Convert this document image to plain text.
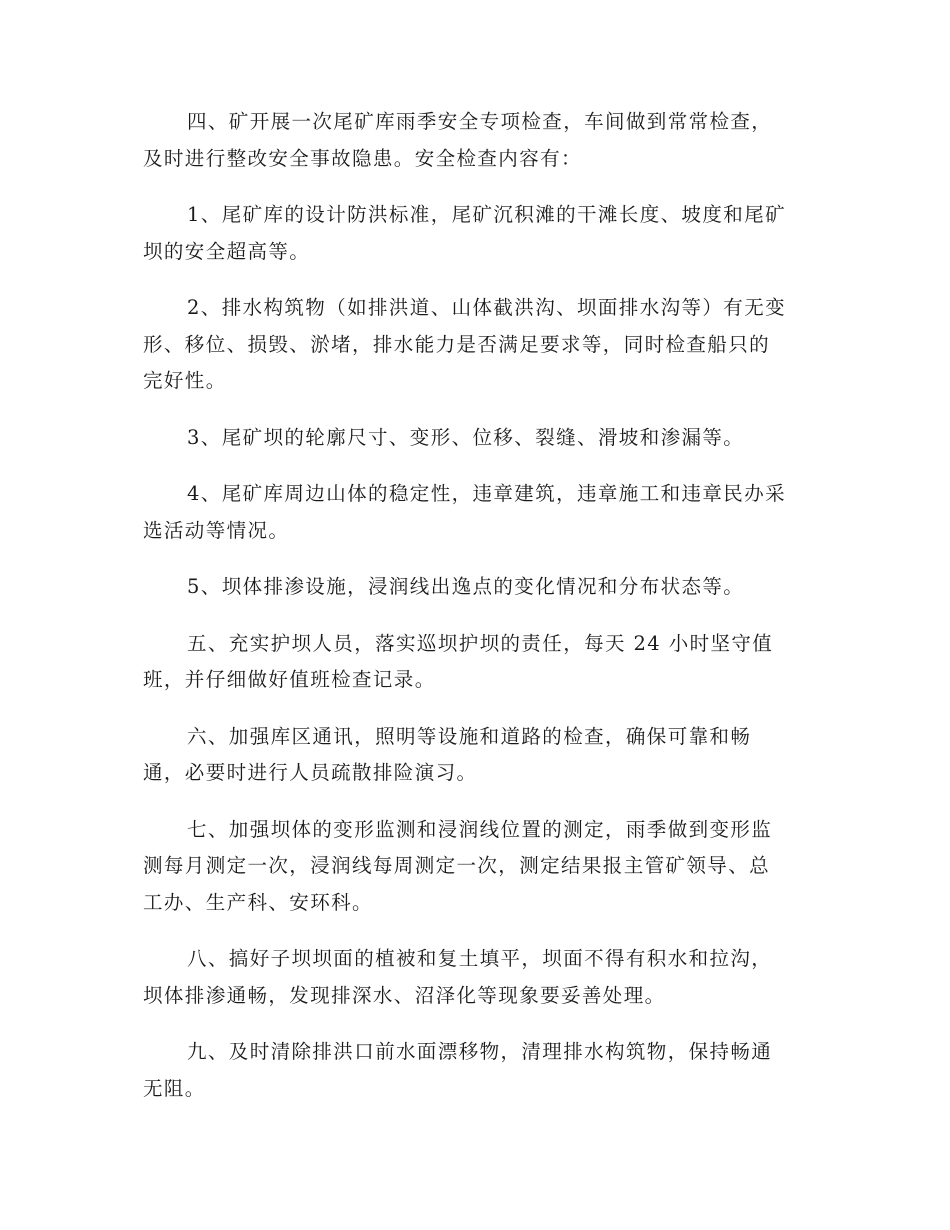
四、矿开展一次尾矿库雨季安全专项检查，车间做到常常检查，
及时进行整改安全事故隐患。安全检查内容有：

1、尾矿库的设计防洪标准，尾矿沉积滩的干滩长度、坡度和尾矿
坝的安全超高等。

2、排水构筑物（如排洪道、山体截洪沟、坝面排水沟等）有无变
形、移位、损毁、淤堵，排水能力是否满足要求等，同时检查船只的
完好性。

3、尾矿坝的轮廓尺寸、变形、位移、裂缝、滑坡和渗漏等。

4、尾矿库周边山体的稳定性，违章建筑，违章施工和违章民办采
选活动等情况。

5、坝体排渗设施，浸润线出逸点的变化情况和分布状态等。

五、充实护坝人员，落实巡坝护坝的责任，每天 24 小时坚守值
班，并仔细做好值班检查记录。

六、加强库区通讯，照明等设施和道路的检查，确保可靠和畅
通，必要时进行人员疏散排险演习。

七、加强坝体的变形监测和浸润线位置的测定，雨季做到变形监
测每月测定一次，浸润线每周测定一次，测定结果报主管矿领导、总
工办、生产科、安环科。

八、搞好子坝坝面的植被和复土填平，坝面不得有积水和拉沟，
坝体排渗通畅，发现排深水、沼泽化等现象要妥善处理。

九、及时清除排洪口前水面漂移物，清理排水构筑物，保持畅通
无阻。
